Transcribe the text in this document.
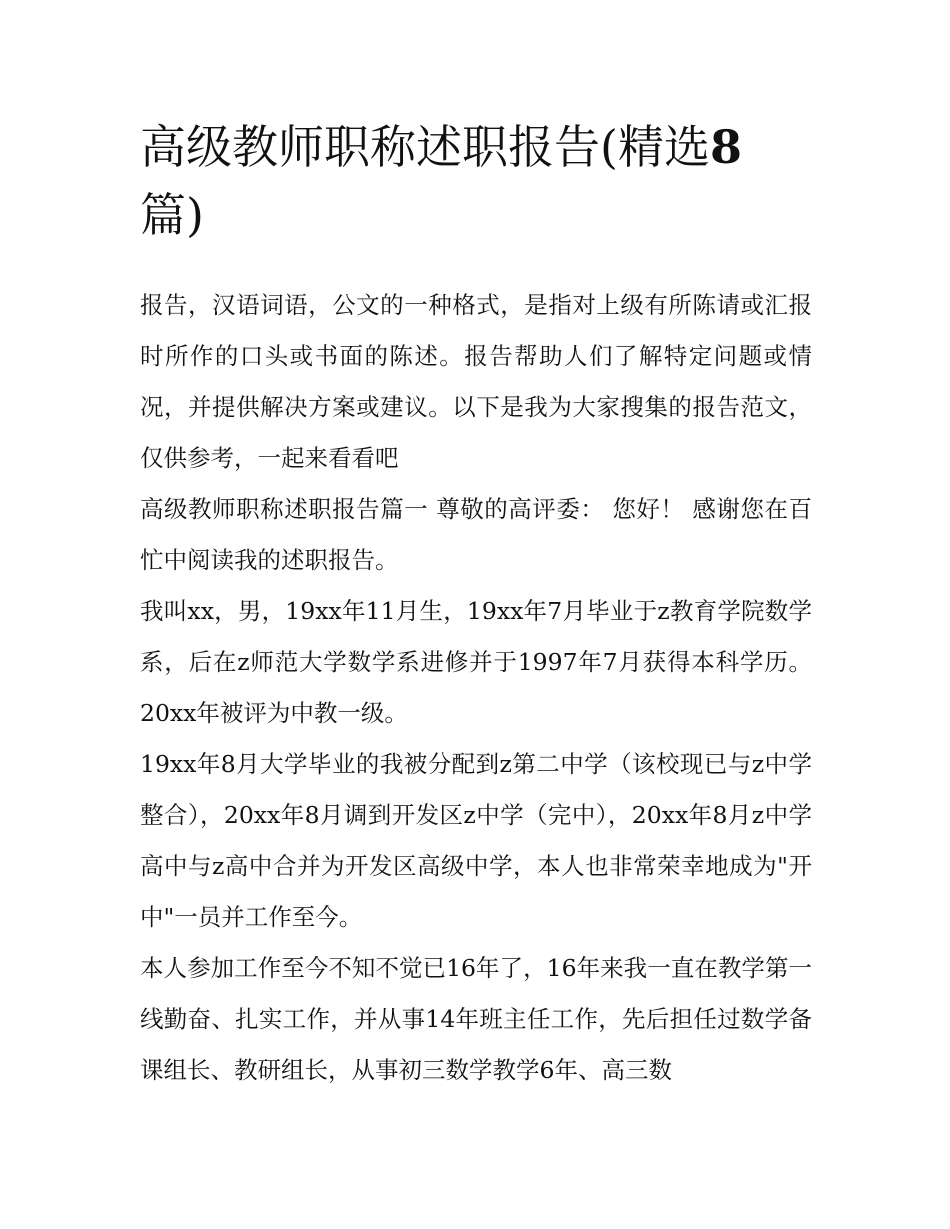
高级教师职称述职报告(精选8
篇)

报告，汉语词语，公文的一种格式，是指对上级有所陈请或汇报时所作的口头或书面的陈述。报告帮助人们了解特定问题或情况，并提供解决方案或建议。以下是我为大家搜集的报告范文，仅供参考，一起来看看吧

高级教师职称述职报告篇一 尊敬的高评委： 您好！ 感谢您在百忙中阅读我的述职报告。

我叫xx，男，19xx年11月生，19xx年7月毕业于z教育学院数学系，后在z师范大学数学系进修并于1997年7月获得本科学历。20xx年被评为中教一级。

19xx年8月大学毕业的我被分配到z第二中学（该校现已与z中学整合），20xx年8月调到开发区z中学（完中），20xx年8月z中学高中与z高中合并为开发区高级中学，本人也非常荣幸地成为"开中"一员并工作至今。

本人参加工作至今不知不觉已16年了，16年来我一直在教学第一线勤奋、扎实工作，并从事14年班主任工作，先后担任过数学备课组长、教研组长，从事初三数学教学6年、高三数
